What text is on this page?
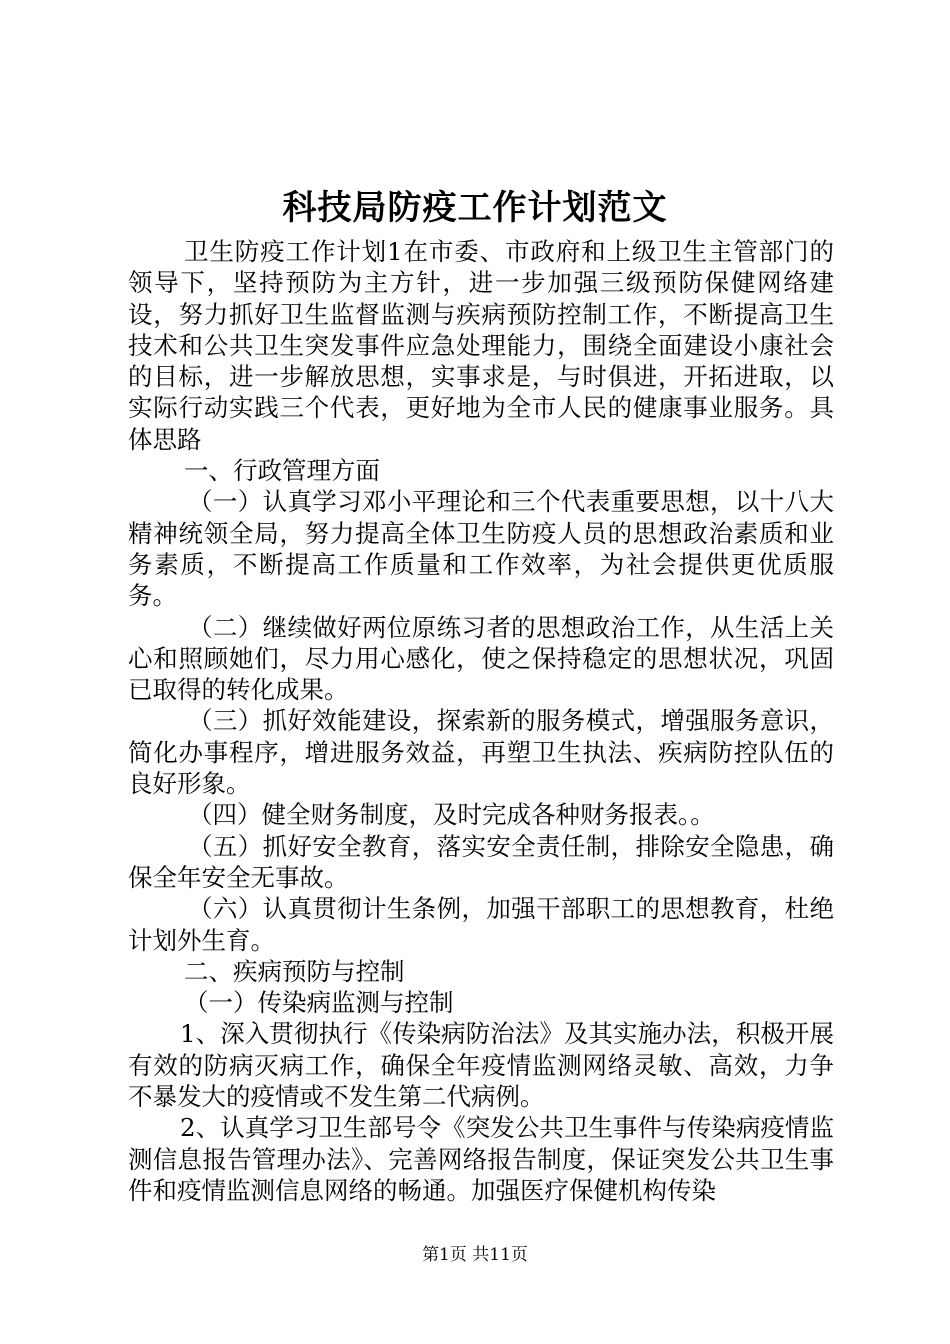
科技局防疫工作计划范文

卫生防疫工作计划1在市委、市政府和上级卫生主管部门的领导下，坚持预防为主方针，进一步加强三级预防保健网络建设，努力抓好卫生监督监测与疾病预防控制工作，不断提高卫生技术和公共卫生突发事件应急处理能力，围绕全面建设小康社会的目标，进一步解放思想，实事求是，与时俱进，开拓进取，以实际行动实践三个代表，更好地为全市人民的健康事业服务。具体思路

一、行政管理方面

（一）认真学习邓小平理论和三个代表重要思想，以十八大精神统领全局，努力提高全体卫生防疫人员的思想政治素质和业务素质，不断提高工作质量和工作效率，为社会提供更优质服务。

（二）继续做好两位原练习者的思想政治工作，从生活上关心和照顾她们，尽力用心感化，使之保持稳定的思想状况，巩固已取得的转化成果。

（三）抓好效能建设，探索新的服务模式，增强服务意识，简化办事程序，增进服务效益，再塑卫生执法、疾病防控队伍的良好形象。

（四）健全财务制度，及时完成各种财务报表。。

（五）抓好安全教育，落实安全责任制，排除安全隐患，确保全年安全无事故。

（六）认真贯彻计生条例，加强干部职工的思想教育，杜绝计划外生育。

二、疾病预防与控制

（一）传染病监测与控制

1、深入贯彻执行《传染病防治法》及其实施办法，积极开展有效的防病灭病工作，确保全年疫情监测网络灵敏、高效，力争不暴发大的疫情或不发生第二代病例。

2、认真学习卫生部号令《突发公共卫生事件与传染病疫情监测信息报告管理办法》、完善网络报告制度，保证突发公共卫生事件和疫情监测信息网络的畅通。加强医疗保健机构传染

第1页 共11页
